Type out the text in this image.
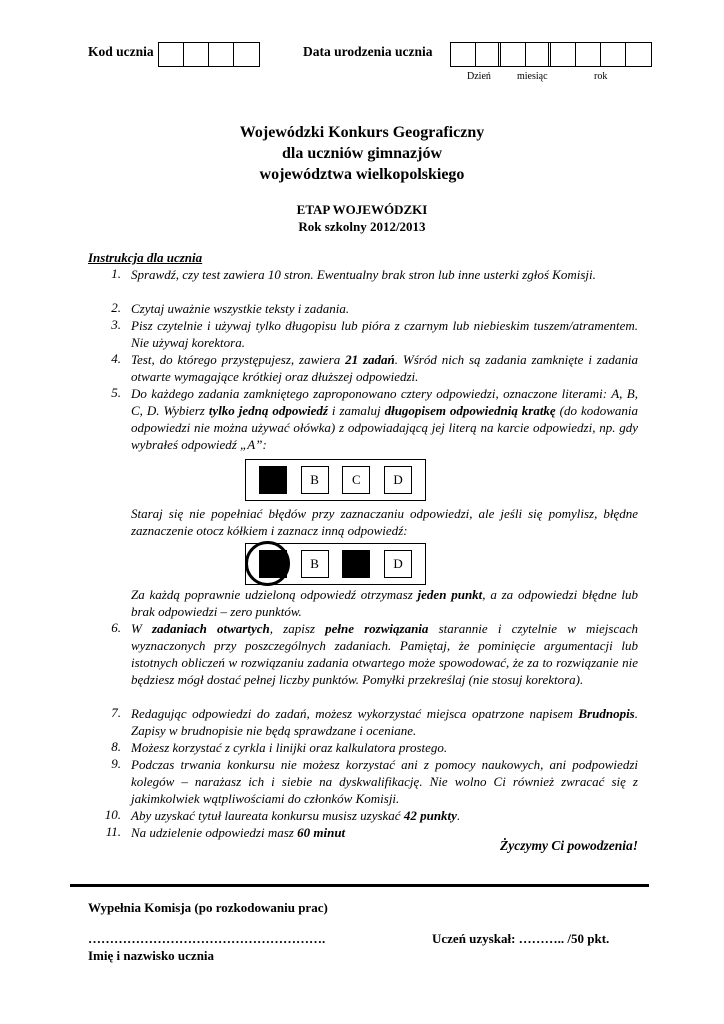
Kod ucznia	Data urodzenia ucznia
Dzień	miesiąc	rok
Wojewódzki Konkurs Geograficzny
dla uczniów gimnazjów
województwa wielkopolskiego
ETAP WOJEWÓDZKI
Rok szkolny 2012/2013
Instrukcja dla ucznia
B	C	D
Staraj się nie popełniać błędów przy zaznaczaniu odpowiedzi, ale jeśli się pomylisz, błędne zaznaczenie otocz kółkiem i zaznacz inną odpowiedź:
B	D
Za każdą poprawnie udzieloną odpowiedź otrzymasz jeden punkt, a za odpowiedzi błędne lub brak odpowiedzi – zero punktów.
Życzymy Ci powodzenia!
Wypełnia Komisja (po rozkodowaniu prac)
……………………………………………….
Imię i nazwisko ucznia
Uczeń uzyskał: ……….. /50 pkt.
1. Sprawdź, czy test zawiera 10 stron. Ewentualny brak stron lub inne usterki zgłoś Komisji.
2. Czytaj uważnie wszystkie teksty i zadania.
3. Pisz czytelnie i używaj tylko długopisu lub pióra z czarnym lub niebieskim tuszem/atramentem. Nie używaj korektora.
4. Test, do którego przystępujesz, zawiera 21 zadań. Wśród nich są zadania zamknięte i zadania otwarte wymagające krótkiej oraz dłuższej odpowiedzi.
5. Do każdego zadania zamkniętego zaproponowano cztery odpowiedzi, oznaczone literami: A, B, C, D. Wybierz tylko jedną odpowiedź i zamaluj długopisem odpowiednią kratkę (do kodowania odpowiedzi nie można używać ołówka) z odpowiadającą jej literą na karcie odpowiedzi, np. gdy wybrałeś odpowiedź „A”:
6. W zadaniach otwartych, zapisz pełne rozwiązania starannie i czytelnie w miejscach wyznaczonych przy poszczególnych zadaniach. Pamiętaj, że pominięcie argumentacji lub istotnych obliczeń w rozwiązaniu zadania otwartego może spowodować, że za to rozwiązanie nie będziesz mógł dostać pełnej liczby punktów. Pomyłki przekreślaj (nie stosuj korektora).
7. Redagując odpowiedzi do zadań, możesz wykorzystać miejsca opatrzone napisem Brudnopis. Zapisy w brudnopisie nie będą sprawdzane i oceniane.
8. Możesz korzystać z cyrkla i linijki oraz kalkulatora prostego.
9. Podczas trwania konkursu nie możesz korzystać ani z pomocy naukowych, ani podpowiedzi kolegów – narażasz ich i siebie na dyskwalifikację. Nie wolno Ci również zwracać się z jakimkolwiek wątpliwościami do członków Komisji.
10. Aby uzyskać tytuł laureata konkursu musisz uzyskać 42 punkty.
11. Na udzielenie odpowiedzi masz 60 minut
